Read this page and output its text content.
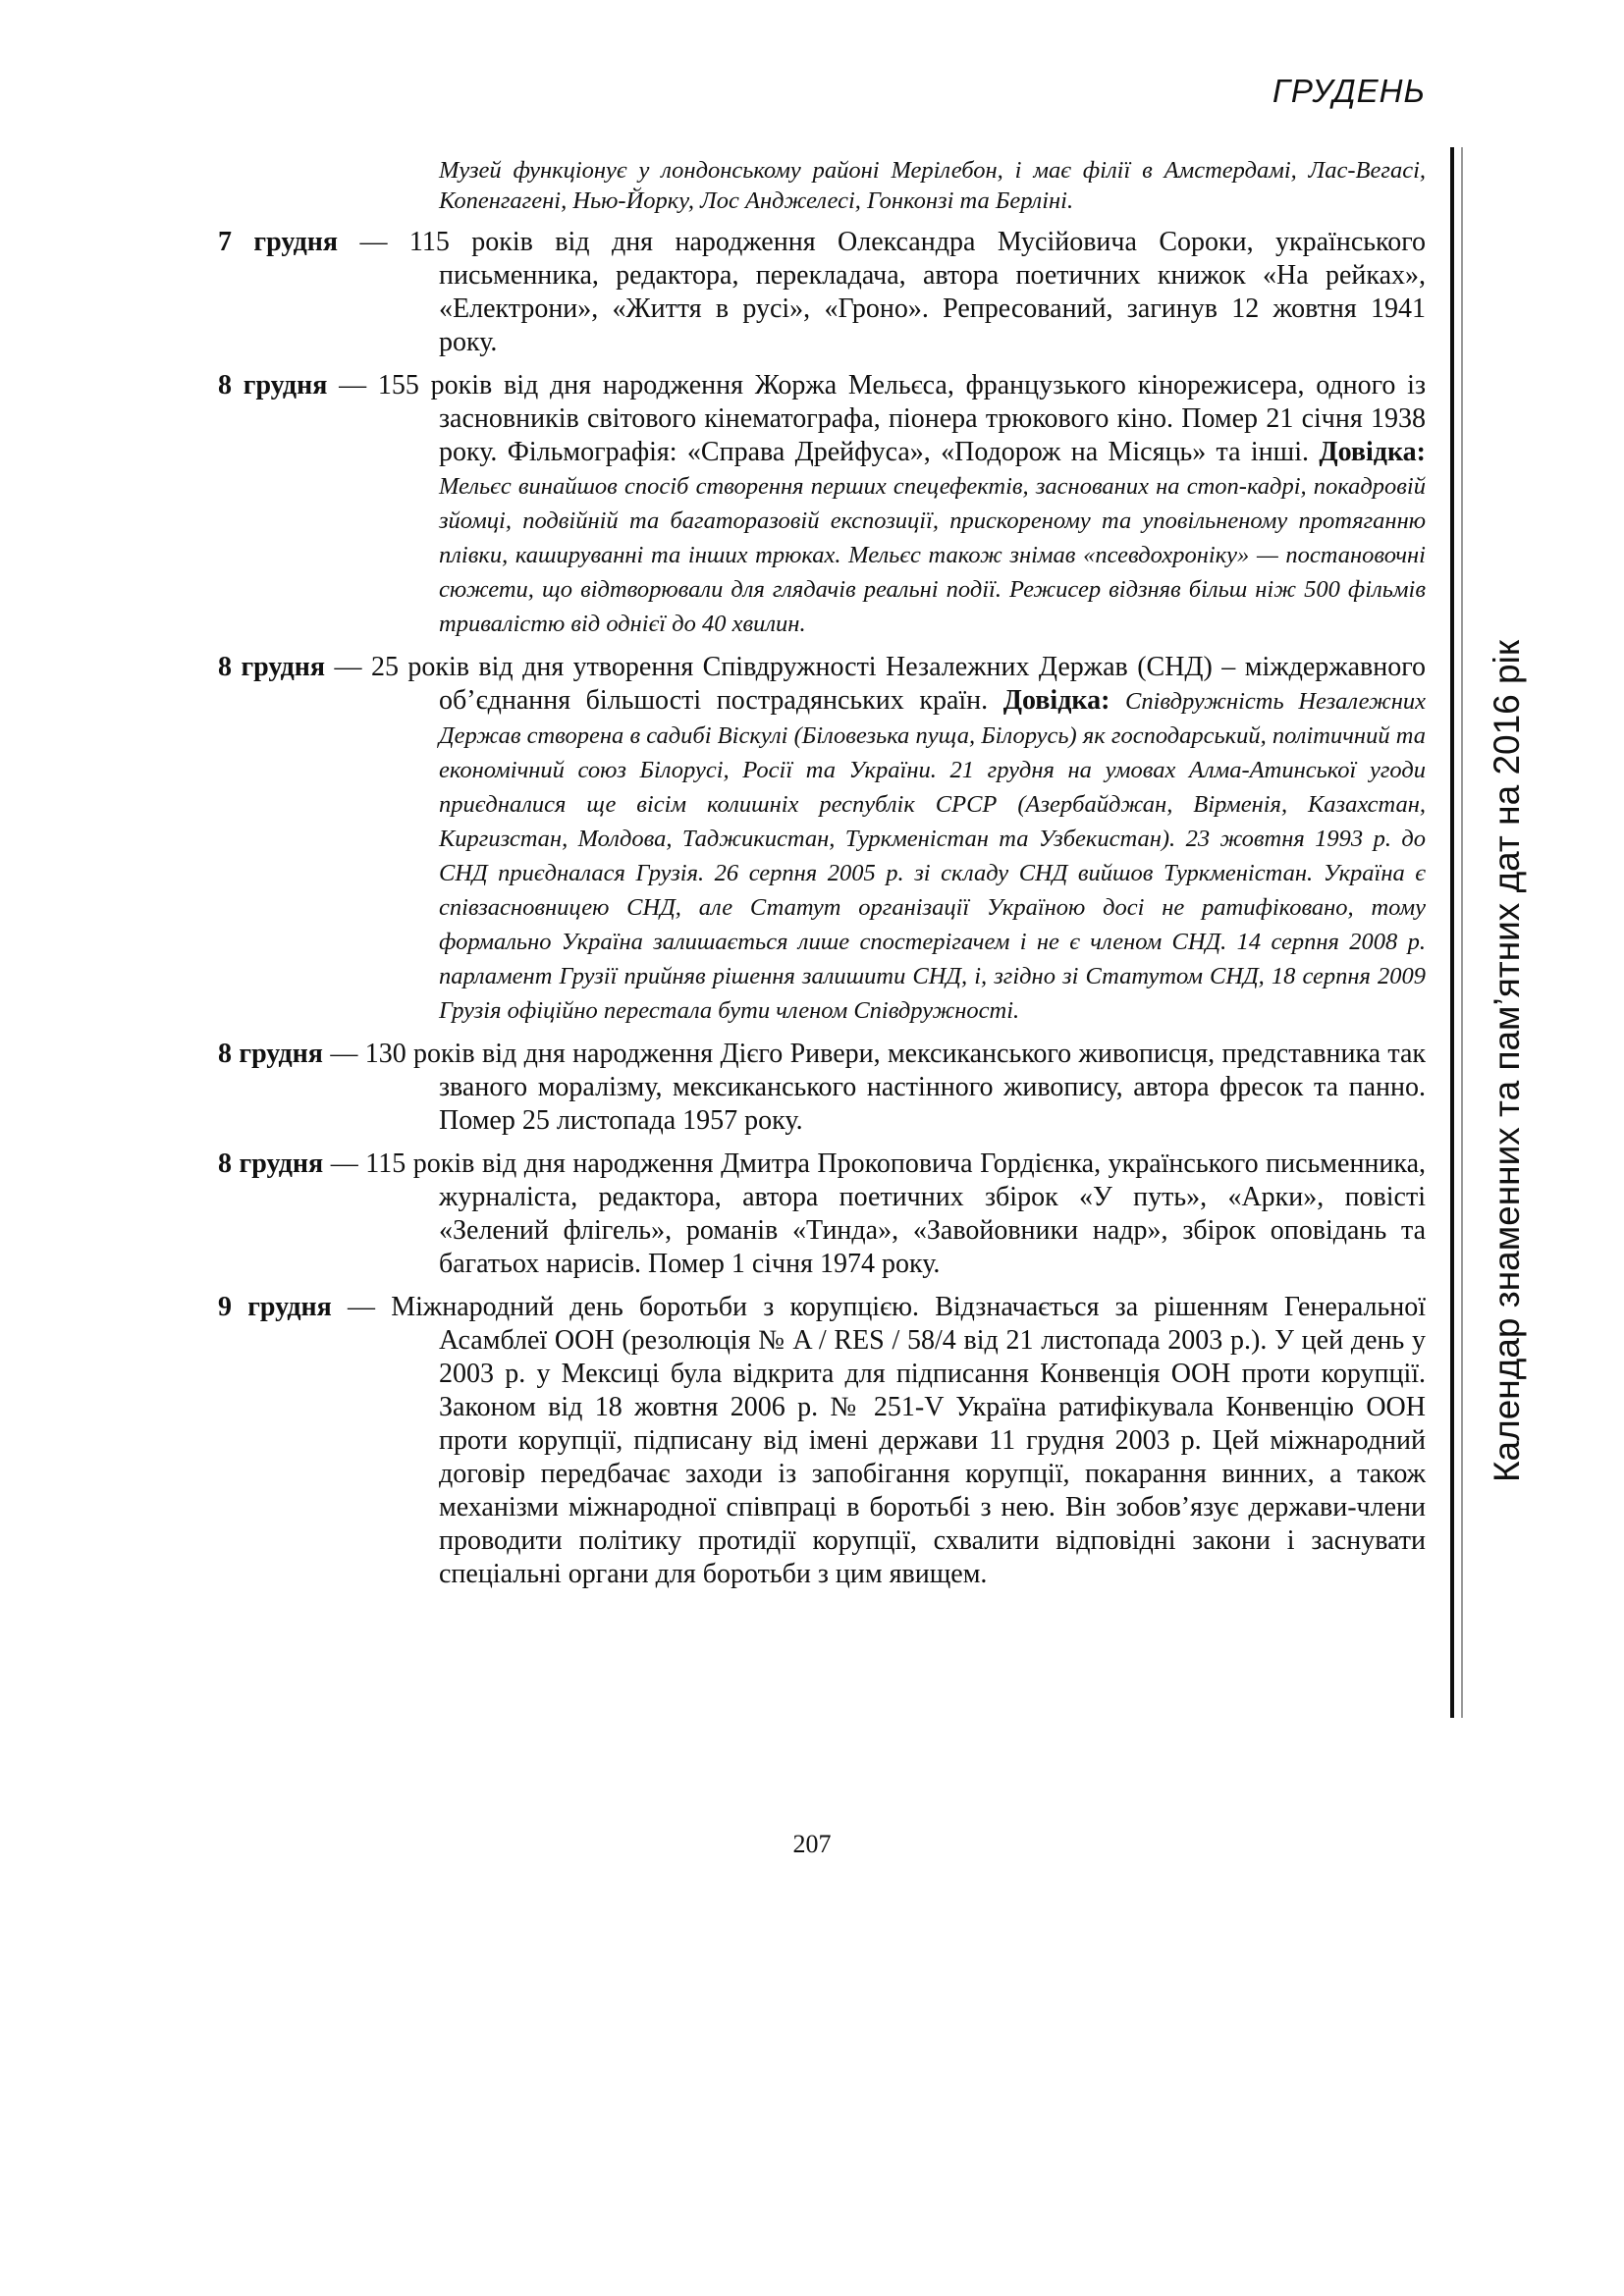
ГРУДЕНЬ
Календар знаменних та пам’ятних дат на 2016 рік
Музей функціонує у лондонському районі Мерілебон, і має філії в Амстердамі, Лас-Вегасі, Копенгагені, Нью-Йорку, Лос Анджелесі, Гонконзі та Берліні.
7 грудня — 115 років від дня народження Олександра Мусійовича Сороки, українського письменника, редактора, перекладача, автора поетичних книжок «На рейках», «Електрони», «Життя в русі», «Гроно». Репресований, загинув 12 жовтня 1941 року.
8 грудня — 155 років від дня народження Жоржа Мельєса, французького кінорежисера, одного із засновників світового кінематографа, піонера трюкового кіно. Помер 21 січня 1938 року. Фільмографія: «Справа Дрейфуса», «Подорож на Місяць» та інші. Довідка: Мельєс винайшов спосіб створення перших спецефектів, заснованих на стоп-кадрі, покадровій зйомці, подвійній та багаторазовій експозиції, прискореному та уповільненому протяганню плівки, кашируванні та інших трюках. Мельєс також знімав «псевдохроніку» — постановочні сюжети, що відтворювали для глядачів реальні події. Режисер відзняв більш ніж 500 фільмів тривалістю від однієї до 40 хвилин.
8 грудня — 25 років від дня утворення Співдружності Незалежних Держав (СНД) – міждержавного об’єднання більшості пострадянських країн. Довідка: Співдружність Незалежних Держав створена в садибі Віскулі (Біловезька пуща, Білорусь) як господарський, політичний та економічний союз Білорусі, Росії та України. 21 грудня на умовах Алма-Атинської угоди приєдналися ще вісім колишніх республік СРСР (Азербайджан, Вірменія, Казахстан, Киргизстан, Молдова, Таджикистан, Туркменістан та Узбекистан). 23 жовтня 1993 р. до СНД приєдналася Грузія. 26 серпня 2005 р. зі складу СНД вийшов Туркменістан. Україна є співзасновницею СНД, але Статут організації Україною досі не ратифіковано, тому формально Україна залишається лише спостерігачем і не є членом СНД. 14 серпня 2008 р. парламент Грузії прийняв рішення залишити СНД, і, згідно зі Статутом СНД, 18 серпня 2009 Грузія офіційно перестала бути членом Співдружності.
8 грудня — 130 років від дня народження Дієго Ривери, мексиканського живописця, представника так званого моралізму, мексиканського настінного живопису, автора фресок та панно. Помер 25 листопада 1957 року.
8 грудня — 115 років від дня народження Дмитра Прокоповича Гордієнка, українського письменника, журналіста, редактора, автора поетичних збірок «У путь», «Арки», повісті «Зелений флігель», романів «Тинда», «Завойовники надр», збірок оповідань та багатьох нарисів. Помер 1 січня 1974 року.
9 грудня — Міжнародний день боротьби з корупцією. Відзначається за рішенням Генеральної Асамблеї ООН (резолюція № A / RES / 58/4 від 21 листопада 2003 р.). У цей день у 2003 р. у Мексиці була відкрита для підписання Конвенція ООН проти корупції. Законом від 18 жовтня 2006 р. № 251-V Україна ратифікувала Конвенцію ООН проти корупції, підписану від імені держави 11 грудня 2003 р. Цей міжнародний договір передбачає заходи із запобігання корупції, покарання винних, а також механізми міжнародної співпраці в боротьбі з нею. Він зобов’язує держави-члени проводити політику протидії корупції, схвалити відповідні закони і заснувати спеціальні органи для боротьби з цим явищем.
207
